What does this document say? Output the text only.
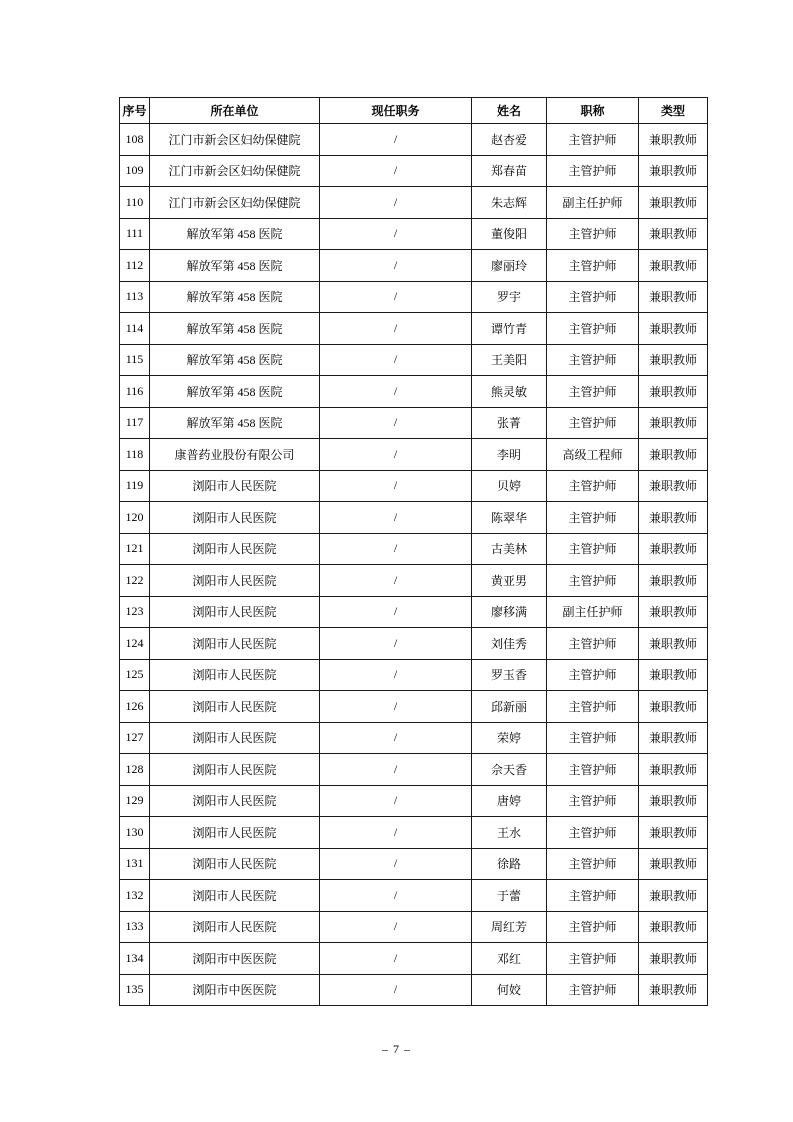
序号	所在单位	现任职务	姓名	职称	类型
108	江门市新会区妇幼保健院	/	赵杏爱	主管护师	兼职教师
109	江门市新会区妇幼保健院	/	郑春苗	主管护师	兼职教师
110	江门市新会区妇幼保健院	/	朱志辉	副主任护师	兼职教师
111	解放军第 458 医院	/	董俊阳	主管护师	兼职教师
112	解放军第 458 医院	/	廖丽玲	主管护师	兼职教师
113	解放军第 458 医院	/	罗宇	主管护师	兼职教师
114	解放军第 458 医院	/	谭竹青	主管护师	兼职教师
115	解放军第 458 医院	/	王美阳	主管护师	兼职教师
116	解放军第 458 医院	/	熊灵敏	主管护师	兼职教师
117	解放军第 458 医院	/	张菁	主管护师	兼职教师
118	康普药业股份有限公司	/	李明	高级工程师	兼职教师
119	浏阳市人民医院	/	贝婷	主管护师	兼职教师
120	浏阳市人民医院	/	陈翠华	主管护师	兼职教师
121	浏阳市人民医院	/	古美林	主管护师	兼职教师
122	浏阳市人民医院	/	黄亚男	主管护师	兼职教师
123	浏阳市人民医院	/	廖移满	副主任护师	兼职教师
124	浏阳市人民医院	/	刘佳秀	主管护师	兼职教师
125	浏阳市人民医院	/	罗玉香	主管护师	兼职教师
126	浏阳市人民医院	/	邱新丽	主管护师	兼职教师
127	浏阳市人民医院	/	荣婷	主管护师	兼职教师
128	浏阳市人民医院	/	佘天香	主管护师	兼职教师
129	浏阳市人民医院	/	唐婷	主管护师	兼职教师
130	浏阳市人民医院	/	王水	主管护师	兼职教师
131	浏阳市人民医院	/	徐路	主管护师	兼职教师
132	浏阳市人民医院	/	于蕾	主管护师	兼职教师
133	浏阳市人民医院	/	周红芳	主管护师	兼职教师
134	浏阳市中医医院	/	邓红	主管护师	兼职教师
135	浏阳市中医医院	/	何姣	主管护师	兼职教师
– 7 –
